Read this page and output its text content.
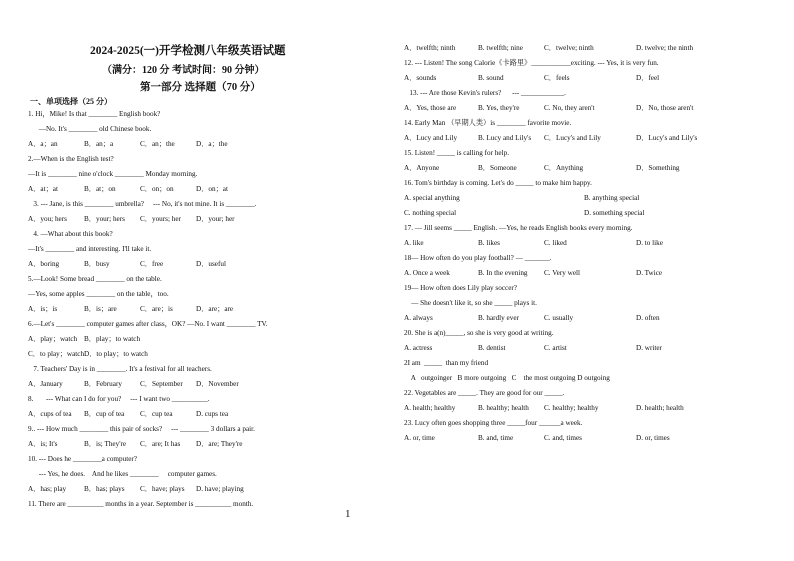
2024-2025(一)开学检测八年级英语试题
（满分：120 分 考试时间：90 分钟）
第一部分 选择题（70 分）
一、单项选择（25 分）
1. Hi，Mike! Is that ________ English book?
—No. It's ________ old Chinese book.
A．a；an	B．an；a	C．an；the	D．a；the
2.—When is the English test?
—It is ________ nine o'clock ________ Monday morning.
A．at；at	B．at；on	C．on；on	D．on；at
3. --- Jane, is this ________ umbrella?     --- No, it's not mine. It is ________.
A．you; hers B．your; hers C．yours; her D．your; her
4. —What about this book?
—It's ________ and interesting. I'll take it.
A．boring	B．busy	C．free	D．useful
5.—Look! Some bread ________ on the table.
—Yes, some apples ________ on the table，too.
A．is；is	B．is；are	C．are；is	D．are；are
6.—Let's ________ computer games after class，OK? —No. I want ________ TV.
A．play；watch B．play；to watch
C．to play；watch D．to play；to watch
7. Teachers' Day is in ________. It's a festival for all teachers.
A．January	B．February	C．September D．November
8.       --- What can I do for you?     --- I want two __________.
A．cups of tea B．cup of tea C．cup tea	D. cups tea
9.. --- How much ________ this pair of socks?     --- ________ 3 dollars a pair.
A．is; It's	B．is; They're C．are; It has D．are; They're
10. --- Does he ________a computer?
--- Yes, he does.    And he likes ________     computer games.
A．has; play B．has; plays C．have; plays D. have; playing
11. There are __________ months in a year. September is __________ month.
A．twelfth; ninth	B. twelfth; nine	C．twelve; ninth	D. twelve; the ninth
12. --- Listen! The song Calorie《卡路里》___________exciting. --- Yes, it is very fun.
A．sounds	B. sound	C．feels	D．feel
13. --- Are those Kevin's rulers?      --- ____________.
A．Yes, those are	B. Yes, they're	C. No, they aren't	D．No, those aren't
14. Early Man （早期人类）is ________ favorite movie.
A．Lucy and Lily	B. Lucy and Lily's C．Lucy's and Lily	D．Lucy's and Lily's
15. Listen! _____ is calling for help.
A．Anyone	B．Someone	C．Anything	D．Something
16. Tom's birthday is coming. Let's do _____ to make him happy.
A. special anything	B. anything special
C. nothing special	D. something special
17. — Jill seems _____ English. —Yes, he reads English books every morning.
A. like	B. likes	C. liked	D. to like
18— How often do you play football? — _______.
A. Once a week	B. In the evening C. Very well	D. Twice
19— How often does Lily play soccer?
— She doesn't like it, so she _____ plays it.
A. always	B. hardly ever	C. usually	D. often
20. She is a(n)_____, so she is very good at writing.
A. actress	B. dentist	C. artist	D. writer
2I am  _____  than my friend
A   outgoinger   B more outgoing   C    the most outgoing D outgoing
22. Vegetables are _____. They are good for our _____.
A. health; healthy	B. healthy; health C. healthy; healthy	D. health; health
23. Lucy often goes shopping three _____four ______a week.
A. or, time	B. and, time	C. and, times	D. or, times
1
